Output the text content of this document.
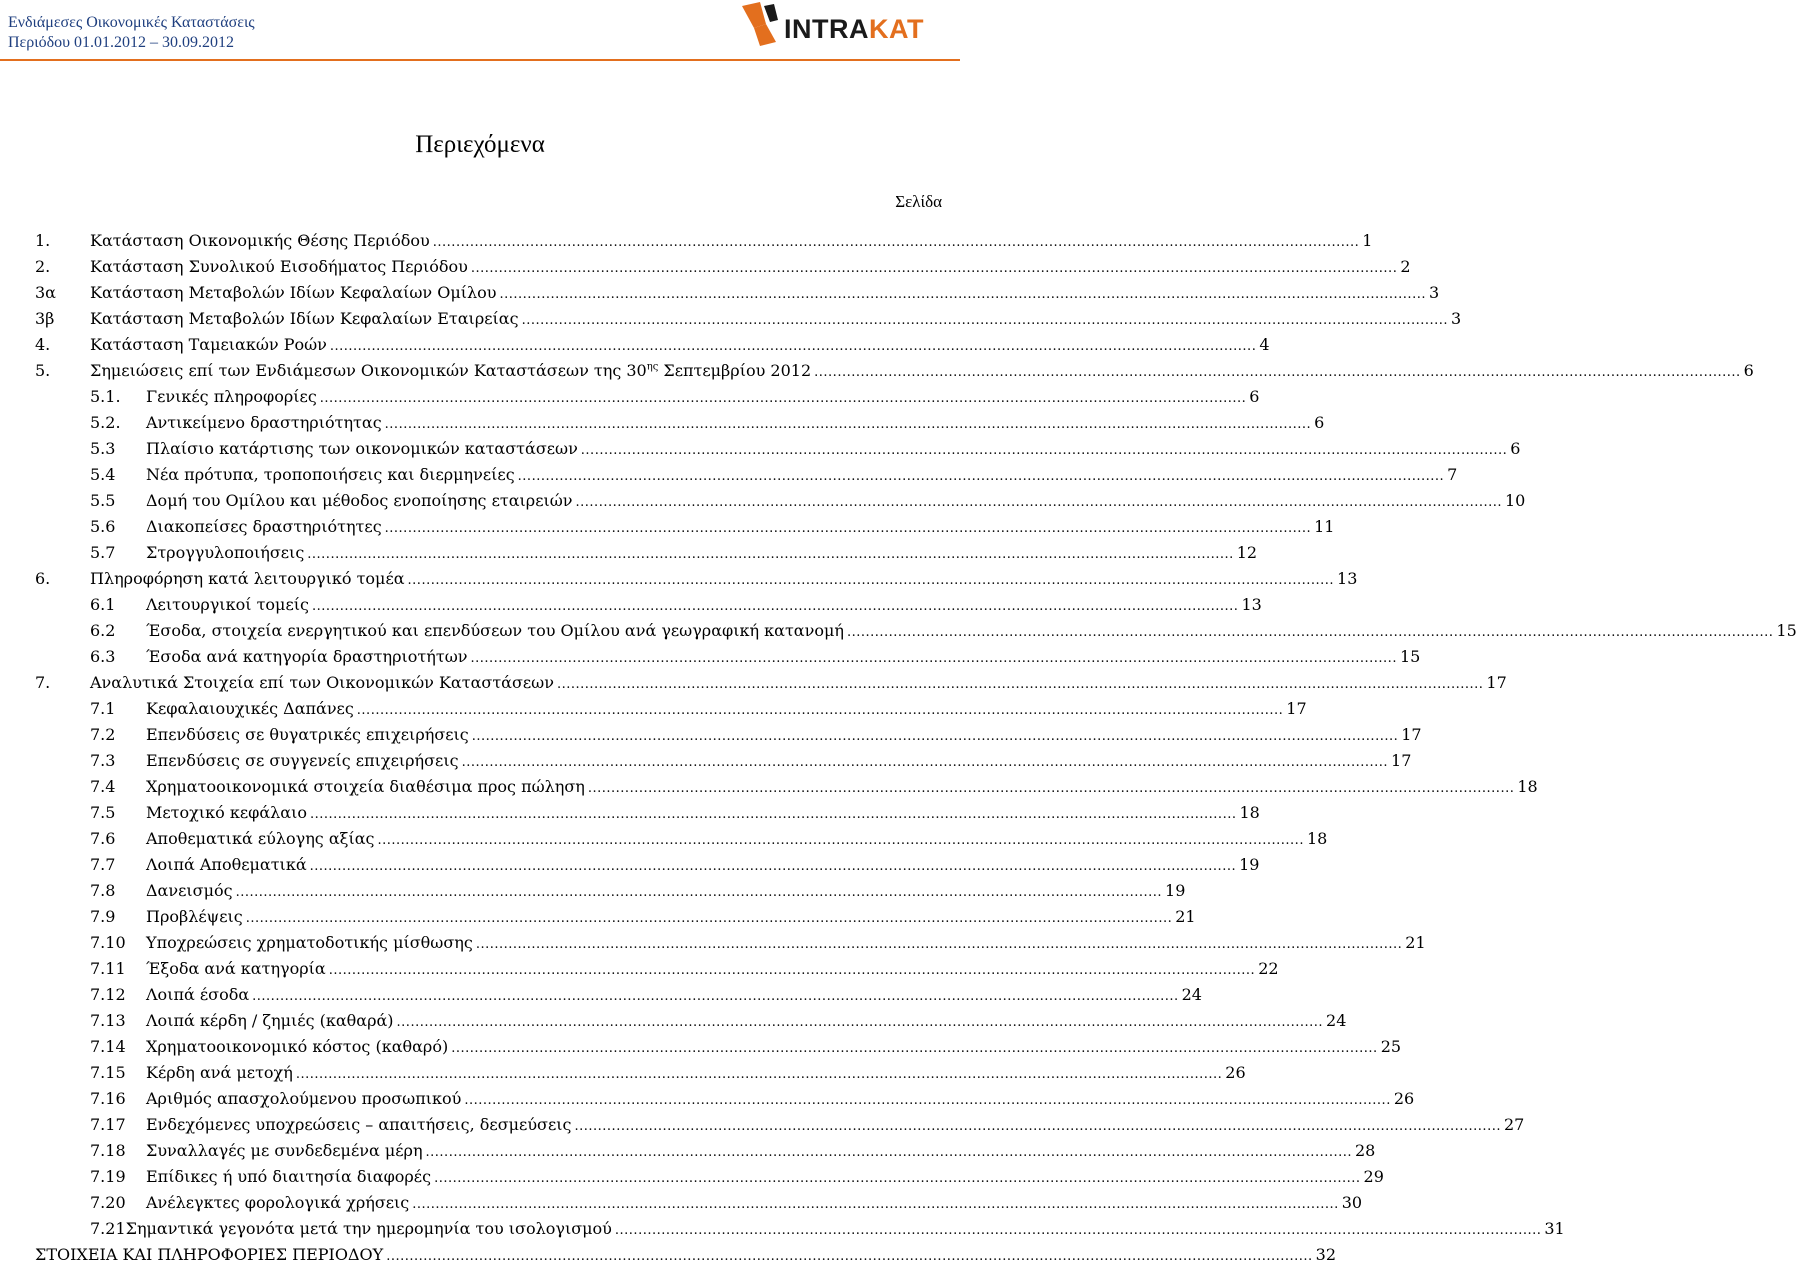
Ενδιάμεσες Οικονομικές Καταστάσεις
Περιόδου 01.01.2012 – 30.09.2012	INTRAKAT
Περιεχόμενα
Σελίδα
1.	Κατάσταση Οικονομικής Θέσης Περιόδου ........................................................................................................................................................................................................ 1
2.	Κατάσταση Συνολικού Εισοδήματος Περιόδου ........................................................................................................................................................................................................ 2
3α	Κατάσταση Μεταβολών Ιδίων Κεφαλαίων Ομίλου ........................................................................................................................................................................................................ 3
3β	Κατάσταση Μεταβολών Ιδίων Κεφαλαίων Εταιρείας ........................................................................................................................................................................................................ 3
4.	Κατάσταση Ταμειακών Ροών ........................................................................................................................................................................................................ 4
5.	Σημειώσεις επί των Ενδιάμεσων Οικονομικών Καταστάσεων της $30^{\eta\varsigma}$ Σεπτεμβρίου 2012 ........................................................................................................................................................................................................ 6
5.1.	Γενικές πληροφορίες ........................................................................................................................................................................................................ 6
5.2.	Αντικείμενο δραστηριότητας ........................................................................................................................................................................................................ 6
5.3	Πλαίσιο κατάρτισης των οικονομικών καταστάσεων ........................................................................................................................................................................................................ 6
5.4	Νέα πρότυπα, τροποποιήσεις και διερμηνείες ........................................................................................................................................................................................................ 7
5.5	Δομή του Ομίλου και μέθοδος ενοποίησης εταιρειών ........................................................................................................................................................................................................ 10
5.6	Διακοπείσες δραστηριότητες ........................................................................................................................................................................................................ 11
5.7	Στρογγυλοποιήσεις ........................................................................................................................................................................................................ 12
6.	Πληροφόρηση κατά λειτουργικό τομέα ........................................................................................................................................................................................................ 13
6.1	Λειτουργικοί τομείς ........................................................................................................................................................................................................ 13
6.2	Έσοδα, στοιχεία ενεργητικού και επενδύσεων του Ομίλου ανά γεωγραφική κατανομή ........................................................................................................................................................................................................ 15
6.3	Έσοδα ανά κατηγορία δραστηριοτήτων ........................................................................................................................................................................................................ 15
7.	Αναλυτικά Στοιχεία επί των Οικονομικών Καταστάσεων ........................................................................................................................................................................................................ 17
7.1	Κεφαλαιουχικές Δαπάνες ........................................................................................................................................................................................................ 17
7.2	Επενδύσεις σε θυγατρικές επιχειρήσεις ........................................................................................................................................................................................................ 17
7.3	Επενδύσεις σε συγγενείς επιχειρήσεις ........................................................................................................................................................................................................ 17
7.4	Χρηματοοικονομικά στοιχεία διαθέσιμα προς πώληση ........................................................................................................................................................................................................ 18
7.5	Μετοχικό κεφάλαιο ........................................................................................................................................................................................................ 18
7.6	Αποθεματικά εύλογης αξίας ........................................................................................................................................................................................................ 18
7.7	Λοιπά Αποθεματικά ........................................................................................................................................................................................................ 19
7.8	Δανεισμός ........................................................................................................................................................................................................ 19
7.9	Προβλέψεις ........................................................................................................................................................................................................ 21
7.10	Υποχρεώσεις χρηματοδοτικής μίσθωσης ........................................................................................................................................................................................................ 21
7.11	Έξοδα ανά κατηγορία ........................................................................................................................................................................................................ 22
7.12	Λοιπά έσοδα ........................................................................................................................................................................................................ 24
7.13	Λοιπά κέρδη / ζημιές (καθαρά) ........................................................................................................................................................................................................ 24
7.14	Χρηματοοικονομικό κόστος (καθαρό) ........................................................................................................................................................................................................ 25
7.15	Κέρδη ανά μετοχή ........................................................................................................................................................................................................ 26
7.16	Αριθμός απασχολούμενου προσωπικού ........................................................................................................................................................................................................ 26
7.17	Ενδεχόμενες υποχρεώσεις – απαιτήσεις, δεσμεύσεις ........................................................................................................................................................................................................ 27
7.18	Συναλλαγές με συνδεδεμένα μέρη ........................................................................................................................................................................................................ 28
7.19	Επίδικες ή υπό διαιτησία διαφορές ........................................................................................................................................................................................................ 29
7.20	Ανέλεγκτες φορολογικά χρήσεις ........................................................................................................................................................................................................ 30
7.21 Σημαντικά γεγονότα μετά την ημερομηνία του ισολογισμού ........................................................................................................................................................................................................ 31
ΣΤΟΙΧΕΙΑ ΚΑΙ ΠΛΗΡΟΦΟΡΙΕΣ ΠΕΡΙΟΔΟΥ ........................................................................................................................................................................................................ 32
